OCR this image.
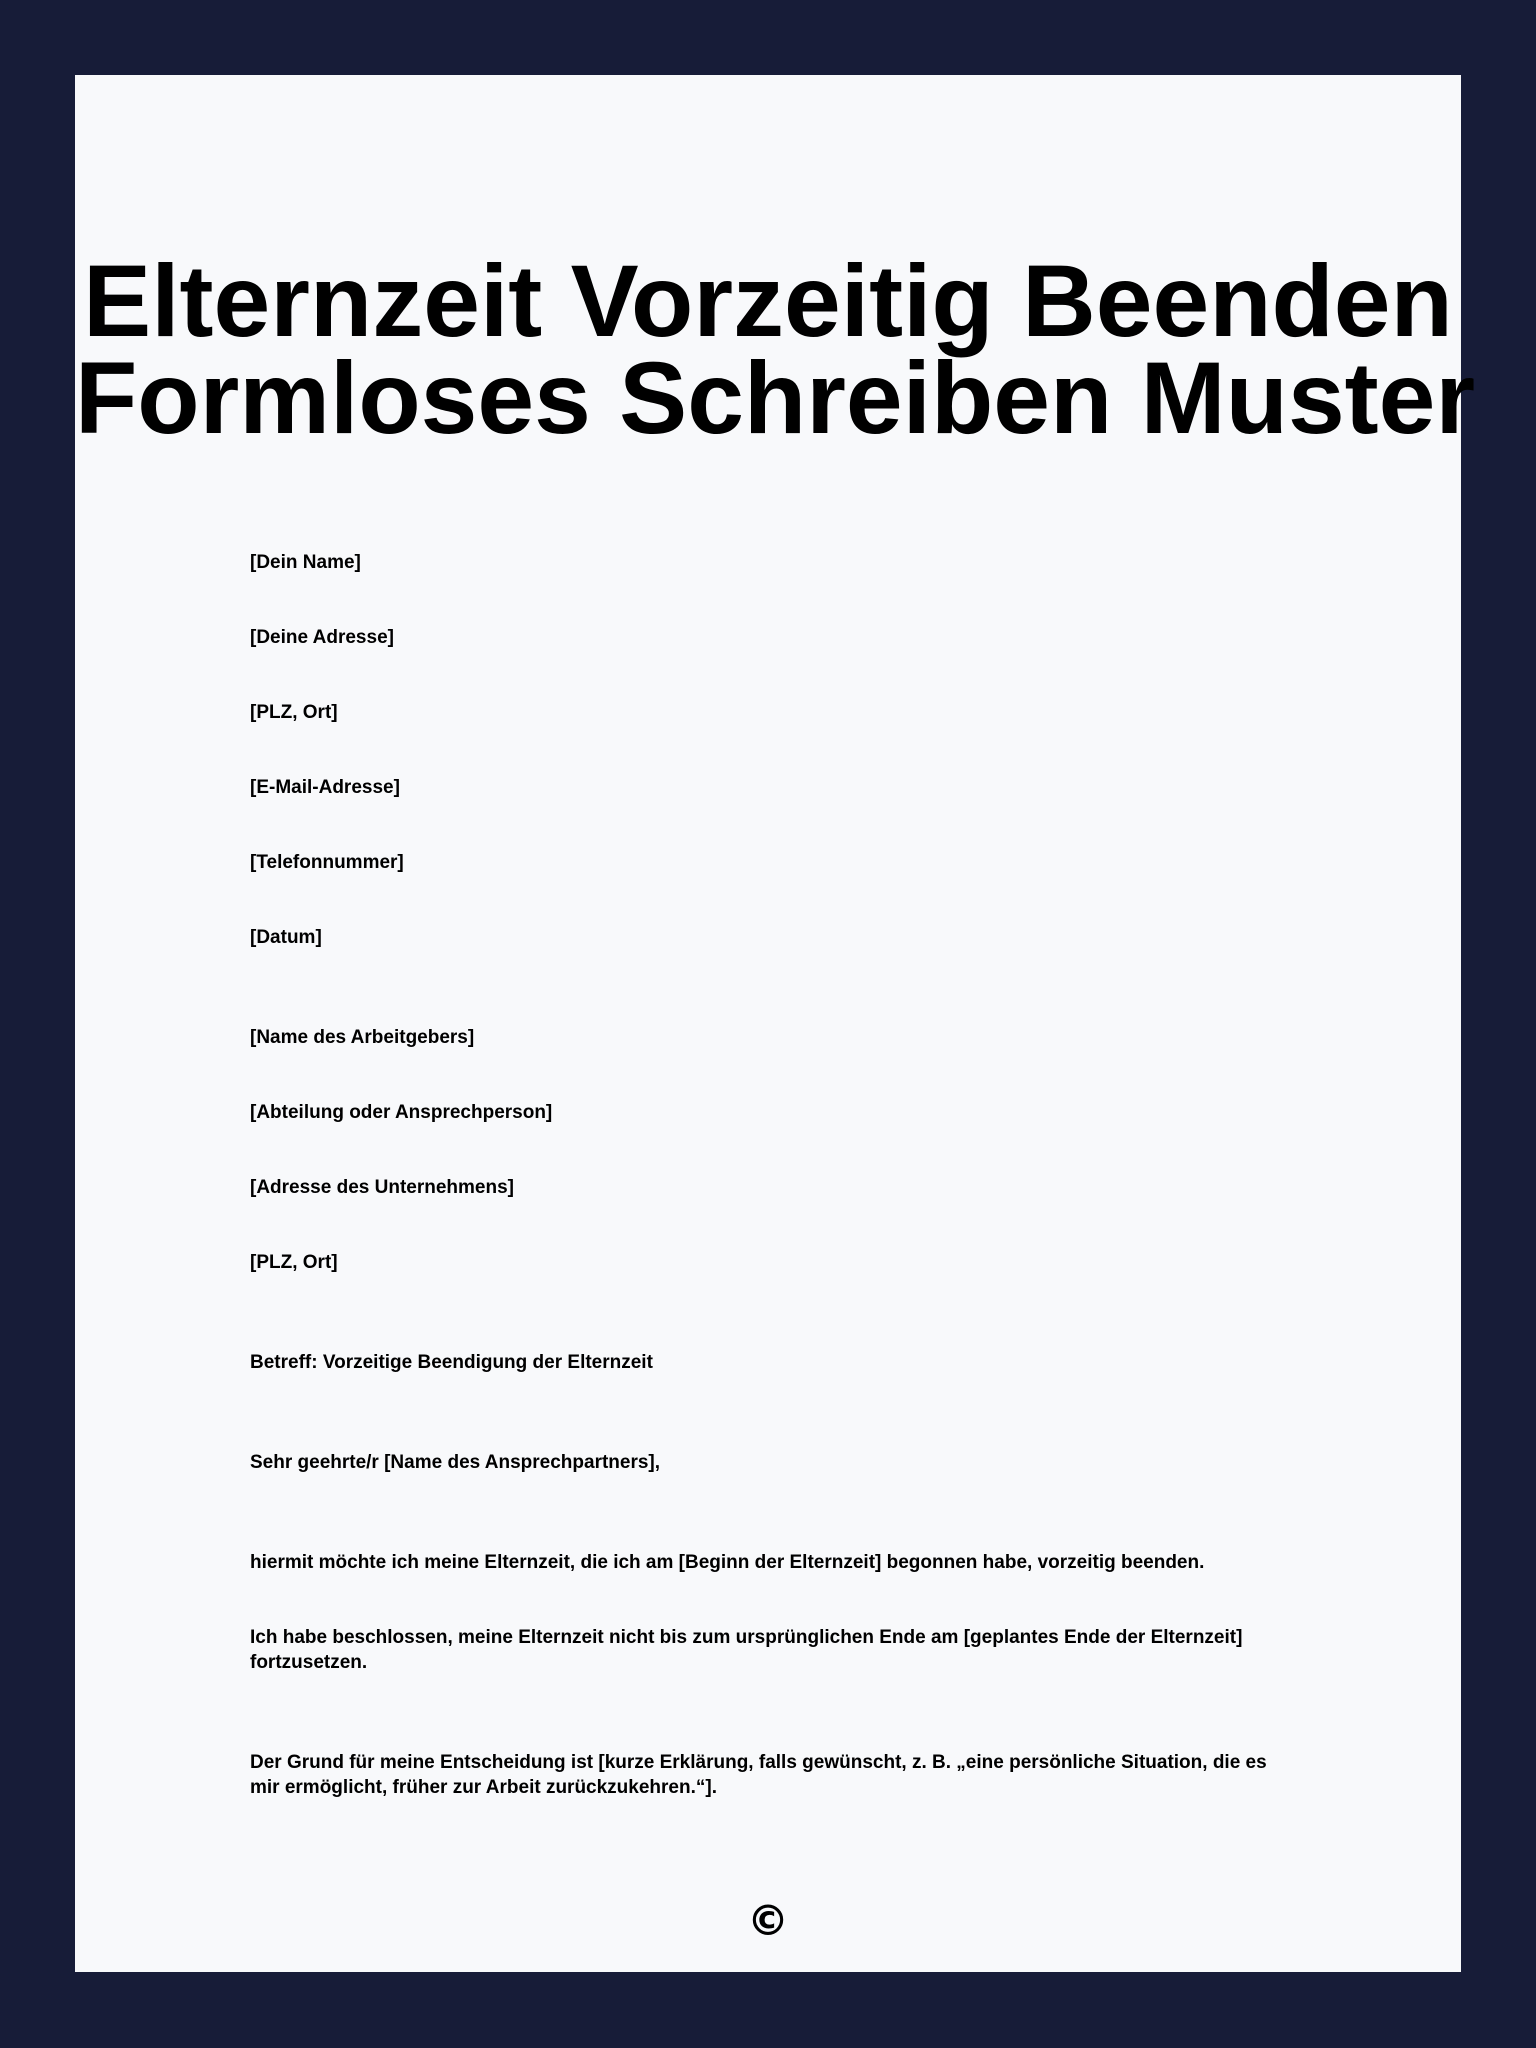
Elternzeit Vorzeitig Beenden
Formloses Schreiben Muster

[Dein Name]

[Deine Adresse]

[PLZ, Ort]

[E-Mail-Adresse]

[Telefonnummer]

[Datum]

[Name des Arbeitgebers]

[Abteilung oder Ansprechperson]

[Adresse des Unternehmens]

[PLZ, Ort]

Betreff: Vorzeitige Beendigung der Elternzeit

Sehr geehrte/r [Name des Ansprechpartners],

hiermit möchte ich meine Elternzeit, die ich am [Beginn der Elternzeit] begonnen habe, vorzeitig beenden.

Ich habe beschlossen, meine Elternzeit nicht bis zum ursprünglichen Ende am [geplantes Ende der Elternzeit] fortzusetzen.

Der Grund für meine Entscheidung ist [kurze Erklärung, falls gewünscht, z. B. „eine persönliche Situation, die es mir ermöglicht, früher zur Arbeit zurückzukehren.“].

©
